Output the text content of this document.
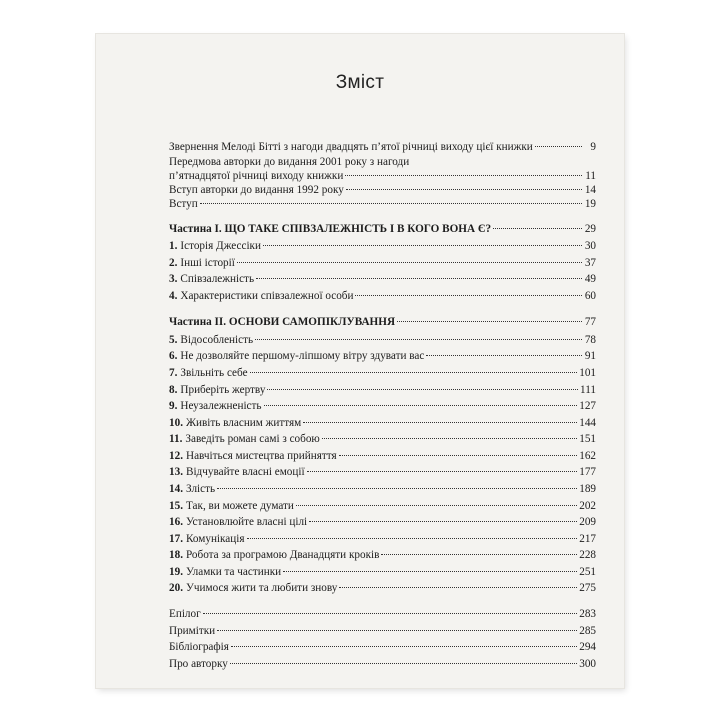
Зміст
Звернення Мелоді Бітті з нагоди двадцять п’ятої річниці виходу цієї книжки	9
Передмова авторки до видання 2001 року з нагоди
п’ятнадцятої річниці виходу книжки	11
Вступ авторки до видання 1992 року	14
Вступ	19
Частина I. ЩО ТАКЕ СПІВЗАЛЕЖНІСТЬ І В КОГО ВОНА Є?	29
1. Історія Джессіки	30
2. Інші історії	37
3. Співзалежність	49
4. Характеристики співзалежної особи	60
Частина II. ОСНОВИ САМОПІКЛУВАННЯ	77
5. Відособленість	78
6. Не дозволяйте першому-ліпшому вітру здувати вас	91
7. Звільніть себе	101
8. Приберіть жертву	111
9. Неузалежненість	127
10. Живіть власним життям	144
11. Заведіть роман самі з собою	151
12. Навчіться мистецтва прийняття	162
13. Відчувайте власні емоції	177
14. Злість	189
15. Так, ви можете думати	202
16. Установлюйте власні цілі	209
17. Комунікація	217
18. Робота за програмою Дванадцяти кроків	228
19. Уламки та частинки	251
20. Учимося жити та любити знову	275
Епілог	283
Примітки	285
Бібліографія	294
Про авторку	300
